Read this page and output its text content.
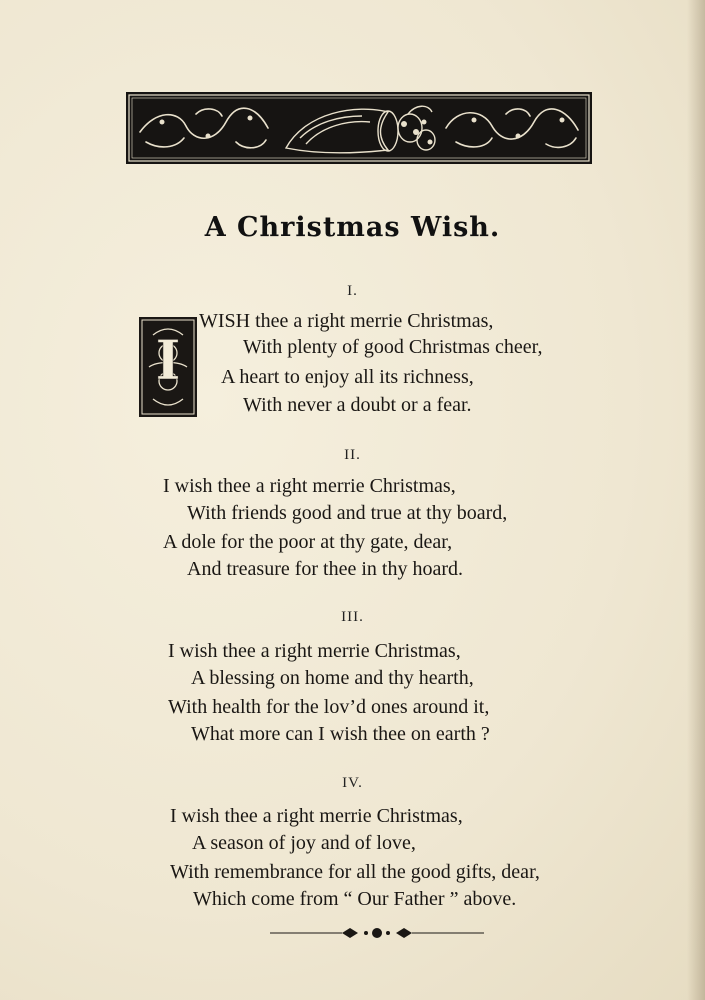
A Christmas Wish.
I.
I
WISH thee a right merrie Christmas,
With plenty of good Christmas cheer,
A heart to enjoy all its richness,
With never a doubt or a fear.
II.
I wish thee a right merrie Christmas,
With friends good and true at thy board,
A dole for the poor at thy gate, dear,
And treasure for thee in thy hoard.
III.
I wish thee a right merrie Christmas,
A blessing on home and thy hearth,
With health for the lov’d ones around it,
What more can I wish thee on earth ?
IV.
I wish thee a right merrie Christmas,
A season of joy and of love,
With remembrance for all the good gifts, dear,
Which come from “ Our Father ” above.
